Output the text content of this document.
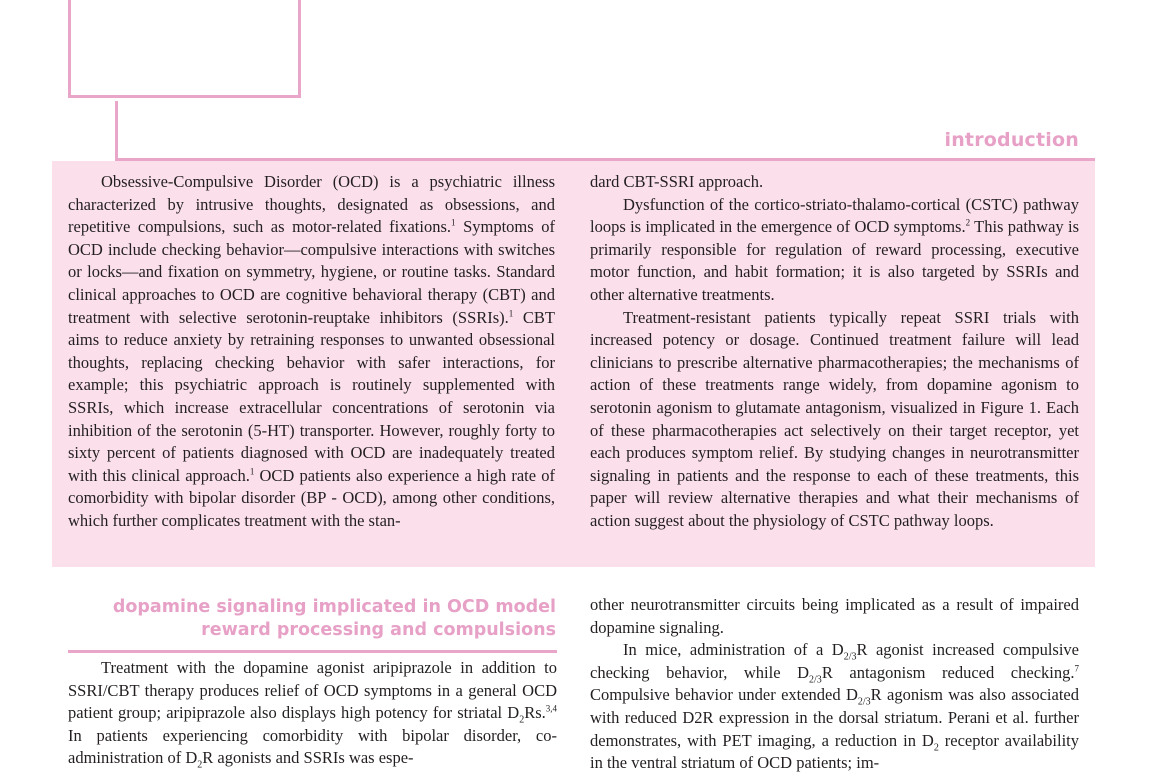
introduction

Obsessive-Compulsive Disorder (OCD) is a psychiatric illness characterized by intrusive thoughts, designated as obsessions, and repetitive compulsions, such as motor-related fixations.$^1$ Symptoms of OCD include checking behavior—compulsive interactions with switches or locks—and fixation on symmetry, hygiene, or routine tasks. Standard clinical approaches to OCD are cognitive behavioral therapy (CBT) and treatment with selective serotonin-reuptake inhibitors (SSRIs).$^1$ CBT aims to reduce anxiety by retraining responses to unwanted obsessional thoughts, replacing checking behavior with safer interactions, for example; this psychiatric approach is routinely supplemented with SSRIs, which increase extracellular concentrations of serotonin via inhibition of the serotonin (5-HT) transporter. However, roughly forty to sixty percent of patients diagnosed with OCD are inadequately treated with this clinical approach.$^1$ OCD patients also experience a high rate of comorbidity with bipolar disorder (BP - OCD), among other conditions, which further complicates treatment with the stan-

dard CBT-SSRI approach.

Dysfunction of the cortico-striato-thalamo-cortical (CSTC) pathway loops is implicated in the emergence of OCD symptoms.$^2$ This pathway is primarily responsible for regulation of reward processing, executive motor function, and habit formation; it is also targeted by SSRIs and other alternative treatments.

Treatment-resistant patients typically repeat SSRI trials with increased potency or dosage. Continued treatment failure will lead clinicians to prescribe alternative pharmacotherapies; the mechanisms of action of these treatments range widely, from dopamine agonism to serotonin agonism to glutamate antagonism, visualized in Figure 1. Each of these pharmacotherapies act selectively on their target receptor, yet each produces symptom relief. By studying changes in neurotransmitter signaling in patients and the response to each of these treatments, this paper will review alternative therapies and what their mechanisms of action suggest about the physiology of CSTC pathway loops.

dopamine signaling implicated in OCD model
reward processing and compulsions

Treatment with the dopamine agonist aripiprazole in addition to SSRI/CBT therapy produces relief of OCD symptoms in a general OCD patient group; aripiprazole also displays high potency for striatal $D_2Rs.^{3,4}$ In patients experiencing comorbidity with bipolar disorder, co-administration of $D_2R$ agonists and SSRIs was espe-

other neurotransmitter circuits being implicated as a result of impaired dopamine signaling.

In mice, administration of a $D_{2/3}R$ agonist increased compulsive checking behavior, while $D_{2/3}R$ antagonism reduced checking.$^7$ Compulsive behavior under extended $D_{2/3}R$ agonism was also associated with reduced D2R expression in the dorsal striatum. Perani et al. further demonstrates, with PET imaging, a reduction in $D_2$ receptor availability in the ventral striatum of OCD patients; im-
